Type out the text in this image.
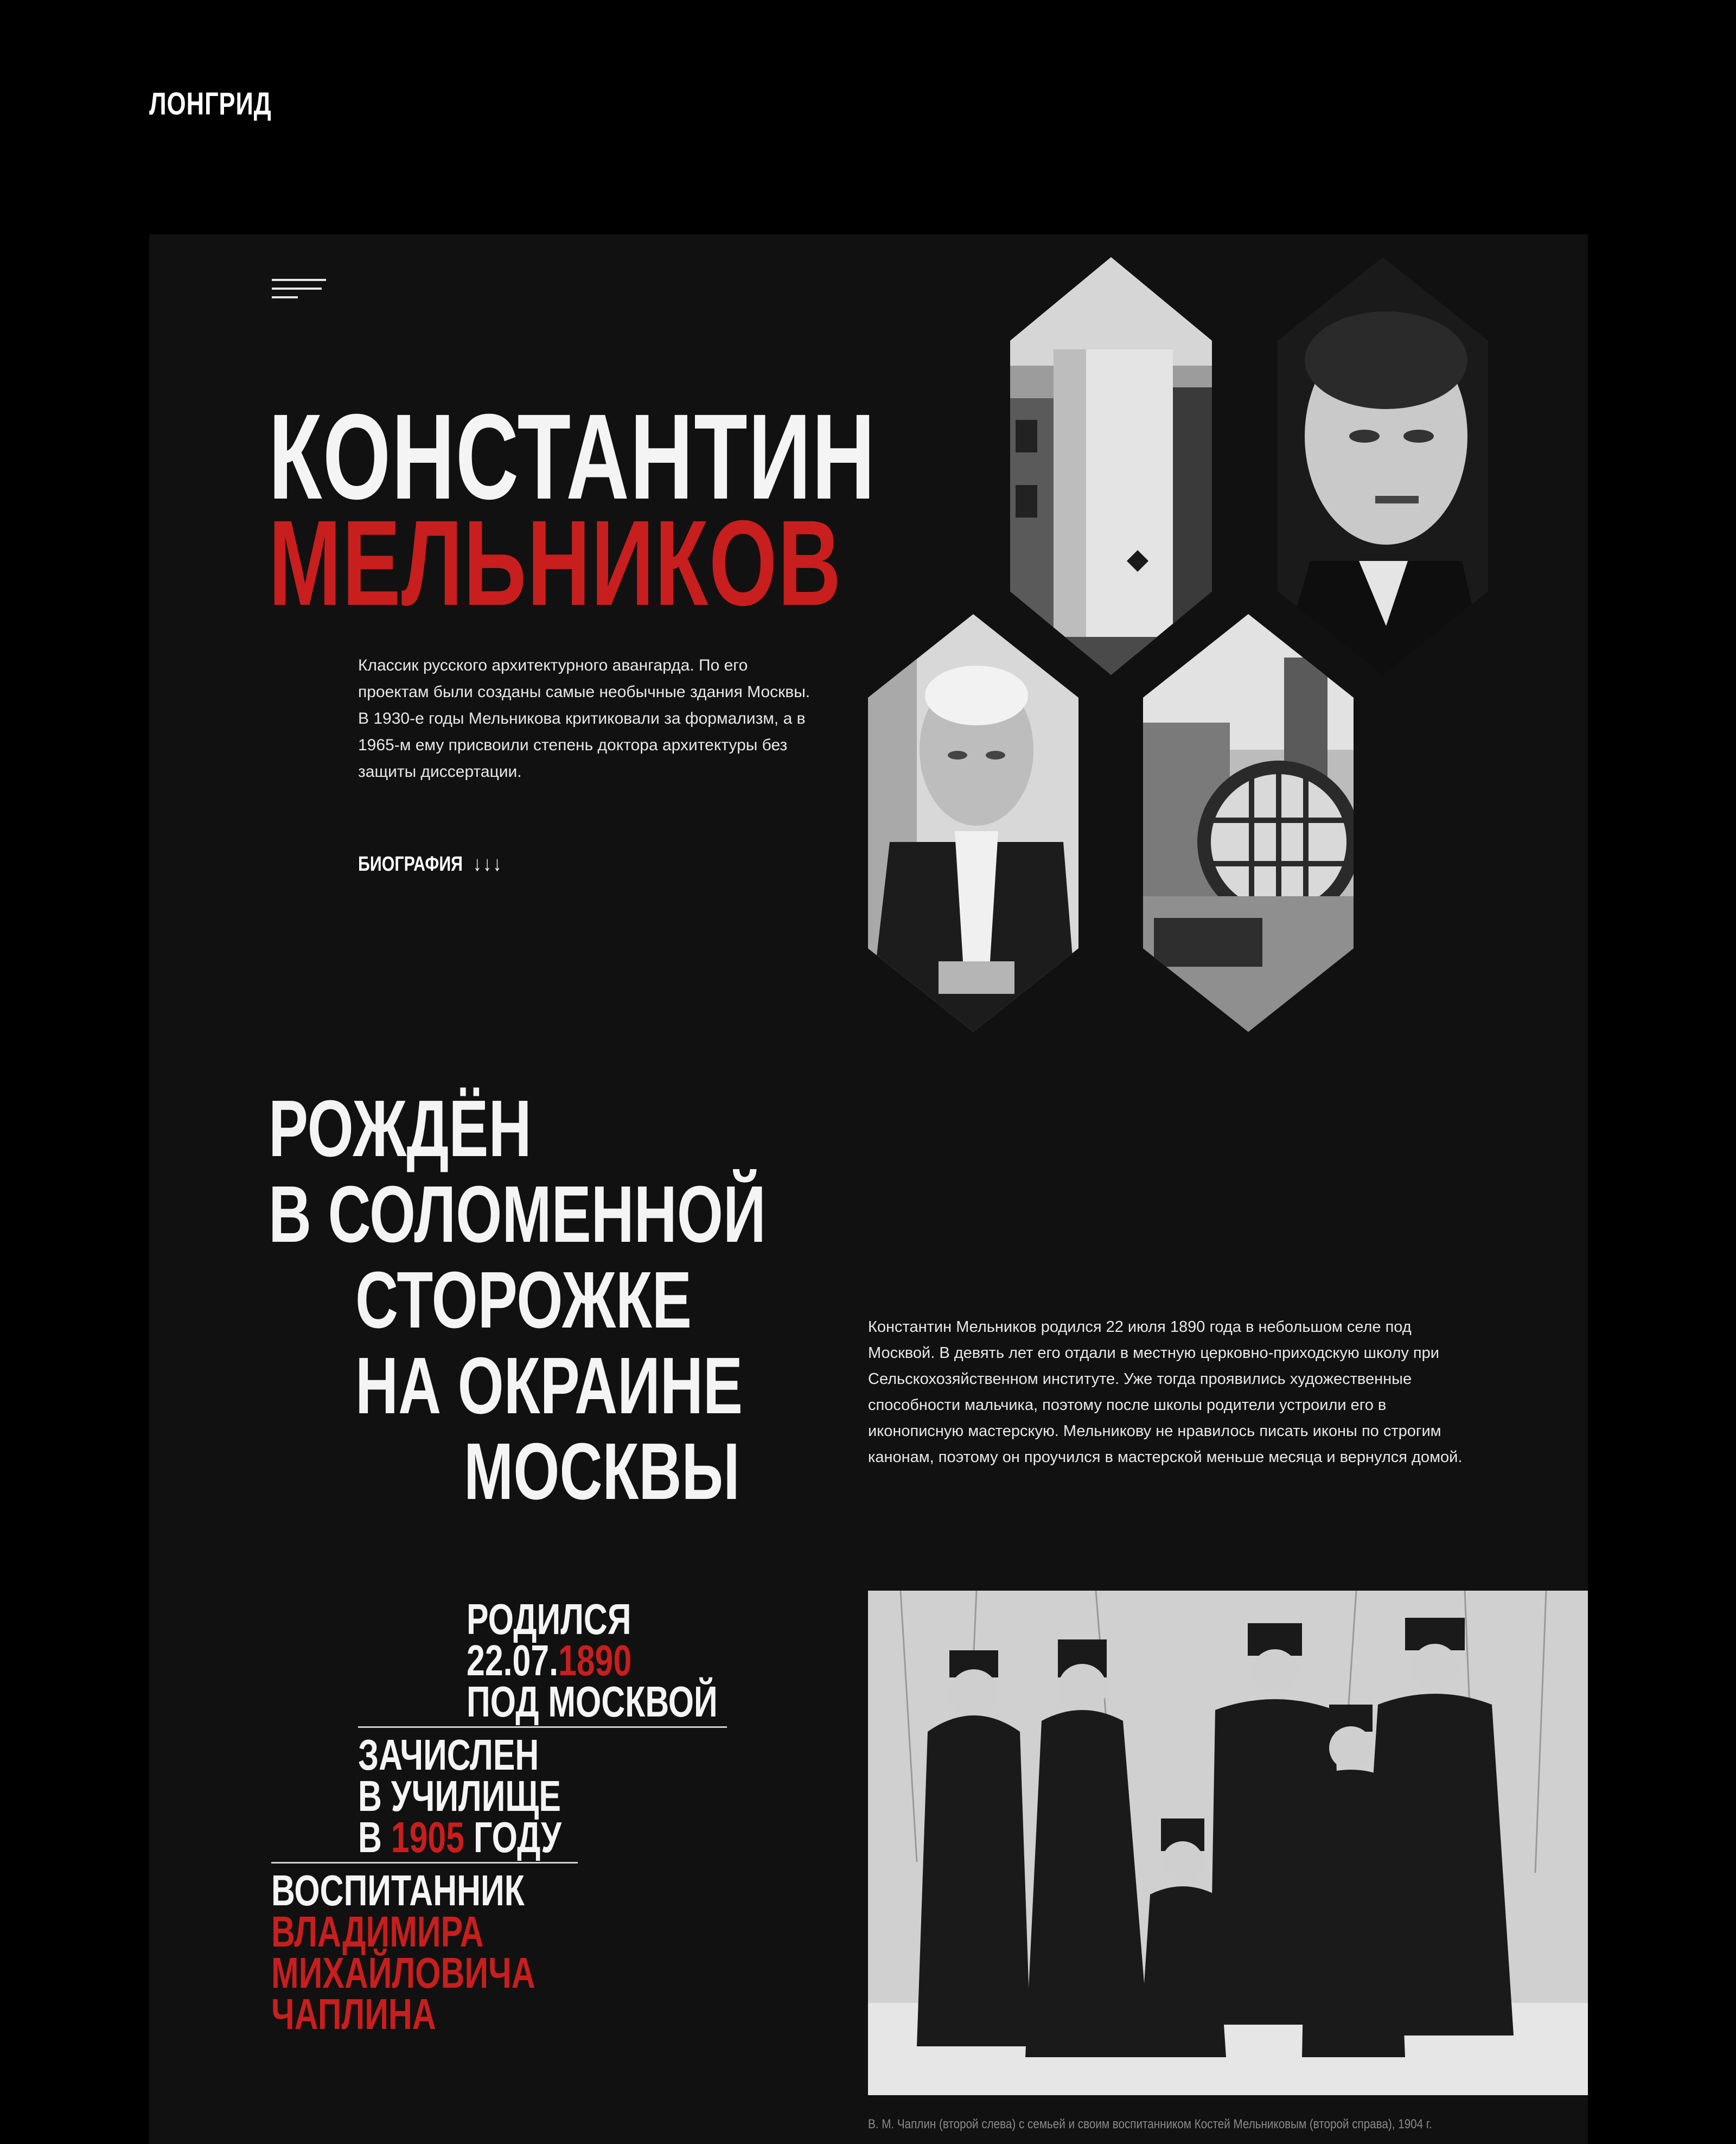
ЛОНГРИД
КОНСТАНТИН
МЕЛЬНИКОВ
Классик русского архитектурного авангарда. По его проектам были созданы самые необычные здания Москвы. В 1930-е годы Мельникова критиковали за формализм, а в 1965-м ему присвоили степень доктора архитектуры без защиты диссертации.
БИОГРАФИЯ ↓↓↓
РОЖДЁН
В СОЛОМЕННОЙ
СТОРОЖКЕ
НА ОКРАИНЕ
МОСКВЫ
Константин Мельников родился 22 июля 1890 года в небольшом селе под Москвой. В девять лет его отдали в местную церковно-приходскую школу при Сельскохозяйственном институте. Уже тогда проявились художественные способности мальчика, поэтому после школы родители устроили его в иконописную мастерскую. Мельникову не нравилось писать иконы по строгим канонам, поэтому он проучился в мастерской меньше месяца и вернулся домой.
РОДИЛСЯ
22.07.1890
ПОД МОСКВОЙ
ЗАЧИСЛЕН
В УЧИЛИЩЕ
В 1905 ГОДУ
ВОСПИТАННИК
ВЛАДИМИРА
МИХАЙЛОВИЧА
ЧАПЛИНА
В. М. Чаплин (второй слева) с семьей и своим воспитанником Костей Мельниковым (второй справа), 1904 г.
